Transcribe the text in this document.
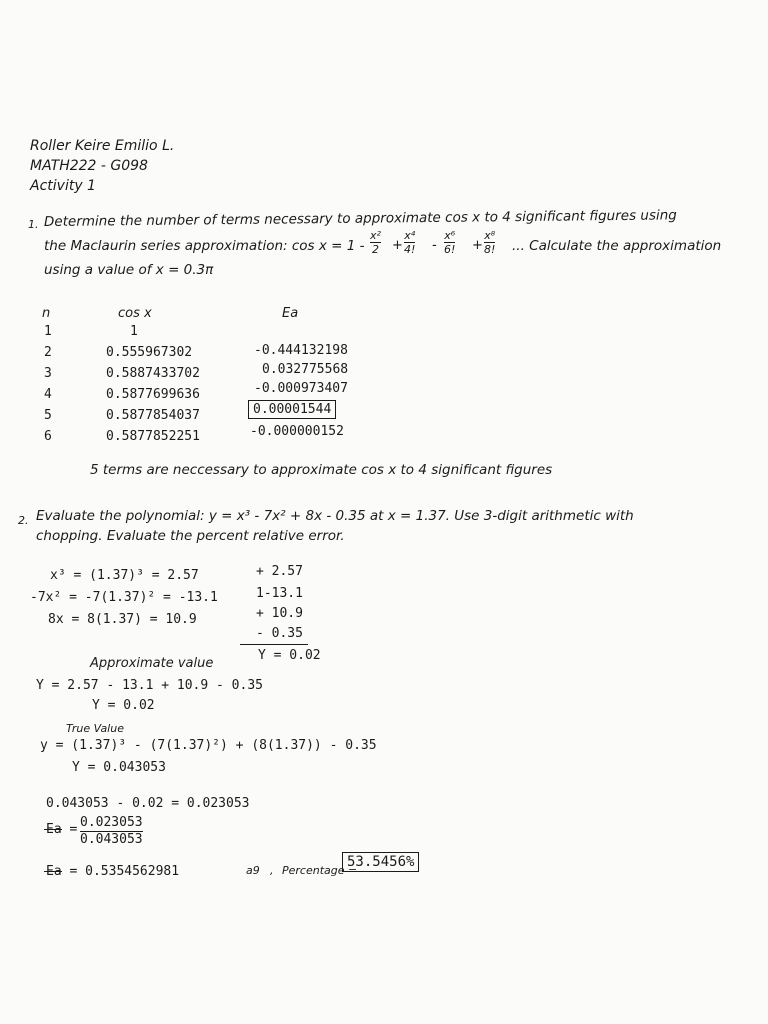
Roller Keire Emilio L.
MATH222 - G098
Activity 1
1. Determine the number of terms necessary to approximate cos x to 4 significant figures using
the Maclaurin series approximation: cos x = 1 -
x²
2 +
x⁴
4! -
x⁶
6! +
x⁸
8! ... Calculate the approximation
using a value of x = 0.3π
n	cos x	Ea
1	1
2	0.555967302	-0.444132198
3	0.5887433702	0.032775568
4	0.5877699636	-0.000973407
5	0.5877854037	0.00001544
6	0.5877852251	-0.000000152
5 terms are neccessary to approximate cos x to 4 significant figures
2. Evaluate the polynomial: y = x³ - 7x² + 8x - 0.35 at x = 1.37. Use 3-digit arithmetic with
chopping. Evaluate the percent relative error.
x³ = (1.37)³ = 2.57
-7x² = -7(1.37)² = -13.1
8x = 8(1.37) = 10.9
+ 2.57
1-13.1
+ 10.9
- 0.35
Y = 0.02
Approximate value
Y = 2.57 - 13.1 + 10.9 - 0.35
Y = 0.02
True Value
y = (1.37)³ - (7(1.37)²) + (8(1.37)) - 0.35
Y = 0.043053
0.043053 - 0.02 = 0.023053
Ea = 0.023053
0.043053
Ea = 0.5354562981	a9 , Percentage =
53.5456%
